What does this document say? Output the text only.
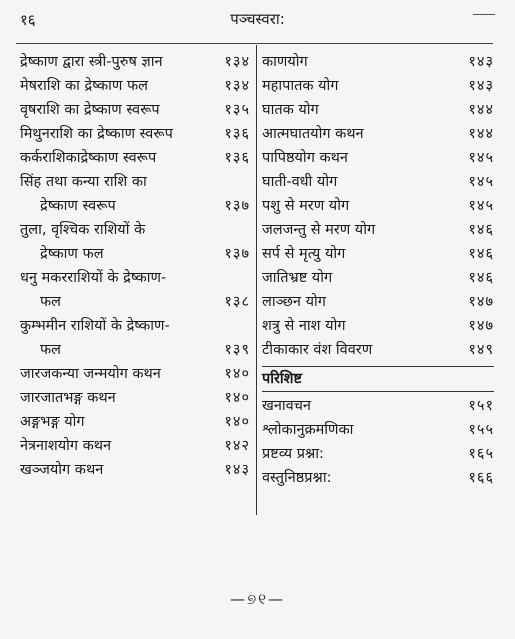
१६	पञ्चस्वरा:
द्रेष्काण द्वारा स्त्री-पुरुष ज्ञान	१३४
मेषराशि का द्रेष्काण फल	१३४
वृषराशि का द्रेष्काण स्वरूप	१३५
मिथुनराशि का द्रेष्काण स्वरूप	१३६
कर्कराशिकाद्रेष्काण स्वरूप	१३६
सिंह तथा कन्या राशि का
द्रेष्काण स्वरूप	१३७
तुला, वृश्चिक राशियों के
द्रेष्काण फल	१३७
धनु मकरराशियों के द्रेष्काण-
फल	१३८
कुम्भमीन राशियों के द्रेष्काण-
फल	१३९
जारजकन्या जन्मयोग कथन	१४०
जारजातभङ्ग कथन	१४०
अङ्गभङ्ग योग	१४०
नेत्रनाशयोग कथन	१४२
खञ्जयोग कथन	१४३
काणयोग	१४३
महापातक योग	१४३
घातक योग	१४४
आत्मघातयोग कथन	१४४
पापिष्ठयोग कथन	१४५
घाती-वधी योग	१४५
पशु से मरण योग	१४५
जलजन्तु से मरण योग	१४६
सर्प से मृत्यु योग	१४६
जातिभ्रष्ट योग	१४६
लाञ्छन योग	१४७
शत्रु से नाश योग	१४७
टीकाकार वंश विवरण	१४९
परिशिष्ट
खनावचन	१५१
श्लोकानुक्रमणिका	१५५
प्रष्टव्य प्रश्ना:	१६५
वस्तुनिष्ठप्रश्ना:	१६६
—୭୧—
